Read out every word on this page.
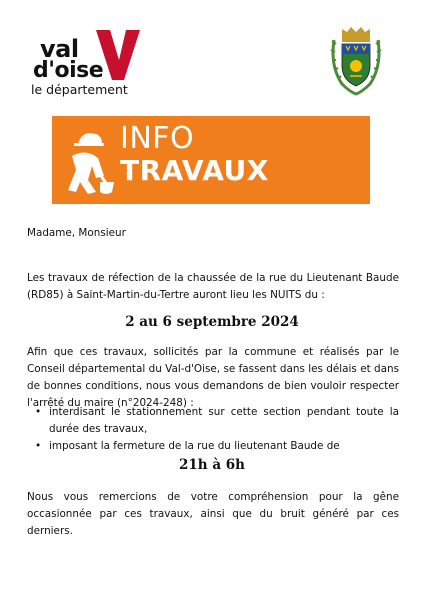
val
d'oise
le département
INFO
TRAVAUX
Madame, Monsieur
Les travaux de réfection de la chaussée de la rue du Lieutenant Baude (RD85) à Saint-Martin-du-Tertre auront lieu les NUITS du :
2 au 6 septembre 2024
Afin que ces travaux, sollicités par la commune et réalisés par le Conseil départemental du Val-d'Oise, se fassent dans les délais et dans de bonnes conditions, nous vous demandons de bien vouloir respecter l'arrêté du maire (n°2024-248) :
• interdisant le stationnement sur cette section pendant toute la durée des travaux,
• imposant la fermeture de la rue du lieutenant Baude de
21h à 6h
Nous vous remercions de votre compréhension pour la gêne occasionnée par ces travaux, ainsi que du bruit généré par ces derniers.
